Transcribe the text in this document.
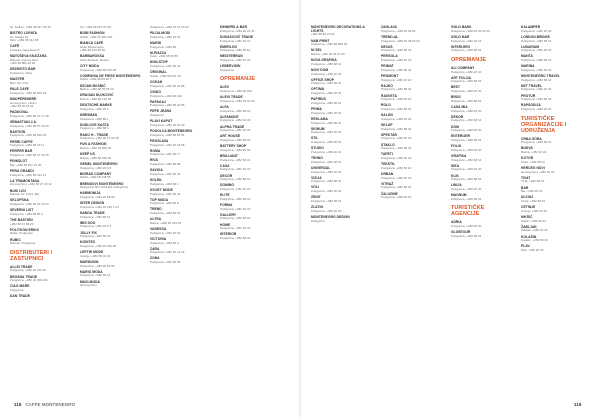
Hr. Jadran, +382 68 417 28 16
BISTRO LOPATA
Sv. Stasija 13
Mob: +382 68 014 88
CAFÉ
Lokacija: Njegoševa 8
MATOŠEVA KNJIŽARA
Bulevar, Herceg Novi
+382 68 880 44 48
DEZHSITO BAR
Podgorica, Ulica
MASTER
Barn Tel: Pod
PALE CAFE
Podgorica, +382 68 500 29
MADPERENERE
Herceg Novi, ulica 1
+382 68 55 18 44
PADDOVAL
Podgorica, +382 68 47 17 48
SEBASTIAN J.A.
Podgorica, +382 68 07 30 00
BASTION
Podgorica, +382 68 840 00
PERRI CAFFE
Podgorica, +382 68 441 1
PERPER BAR
Podgorica, +382 68 47 18 25
PINKSLOT
Bar, +382 68 007 01 00
PERA GRANDI
Podgorica, +382 68 422 21
LA TRAMONTANA
Herceg Novi, +382 68 47 18 12
BUSI LIGI
Bulevar Sv. Petra, Bar
SKLOPSKA
Podgorica, +382 68 44 18 33
SEVERNI LIST
Podgorica, +382 68 55 1
THE BASTIEN
+382 68 47 88 20
POLITKON ERIKS
Rašić, Podgorica
RUBIC
Bulevar, Podgorica
DISTRIBUTERI / ZASTUPNICI
ALLEI TRADE
Podgorica, +382 20 411 00
BEOSNA TRADE
Podgorica, +382 20 400 200
CIAO MARE
Podgorica
DAN TRADE
Tel: +382 68 057 22 28
BOBI FASHION
Nikšić, +382 20 481 201
BIANCA CAFE
Hotel Montenegro
+382 68 413 66 80
BARBAROSSA
Ulica Slobode, Budva
CITY MODA
Podgorica, +382 68 015 00
COMPANIA DE PIESE MONTENEGRO
Nikšić, +382 68 84 40 5
DEJAN BOSNIĆ
Budva, +382 68 55 55 20
DRAGAN DUJKOVIĆ
Budva, +382 68 140 65
DEUTSCHE MARKE
Podgorica, +382 20 4
DRESMAN
Podgorica, +382 68 1
DUDLOVE KASTA
Podgorica, +382 68 4
RADO H - TRADE
Podgorica, +382 68 07 00 28
FUN & FASHION
Budva, +382 20 800 00
KEEP US
Budva, +382 68 052 04
GEMEL MONTENEGRO
Podgorica, +382 20 6 8
BIGRAD COMPANY
Nikšić, +382 68 448 55
BRENDOVI MONTENEGRO
Podgorica, Bul. Džordža Vašingtona
HARMONIJA
Podgorica, +382 20 58 95
INTER DESIGN
Podgorica, +382 20 240 7 24
NANDA TRADE
Podgorica, +382 68 07
IBIS DOO
Podgorica, +382 20 6 5
JOLLY FIX
Podgorica, +382 68 00
KODITEX
Podgorica, +382 20 400 66
LEPTIR MODE
Cetinje, +382 68 04 44
MARDUKIN
Podgorica, +382 68 04 05
MARIO MODA
Podgorica, +382 68 44
MAXI-MODA
Herceg Novi
Podgorica, +382 20 67 00 00
PILDA-MODI
Podgorica, +382 20 44
MARDI
Podgorica, +382 68
M-PIAZZA
Kotor, +382 68 66 55
NON-STOP
Podgorica, +382 20 40
ORIGINAL
Nikšić, +382 68 057 40
OCEAN
Podgorica, +382 20 44 88
OXIDO
Podgorica, +382 20 444
PAPAGAJ
Podgorica, +382 68 40 55
PEPE JEANS
Podgorica
PLAVI KAPUT
Podgorica, +382 20 20 00
POSOLCA MONTENEGRO
Podgorica, +382 68 55 54
PROSLAVA
Podgorica, +382 20 44 58
ROMA
Podgorica, +382 20 77
RIVA
Podgorica, +382 68 88
SAVOIA
Podgorica, +382 20 46
SOLEIL
Podgorica, +382 68 1
SVIJET MODE
Podgorica, +382 20 44
TOP MODA
Podgorica, +382 20 8
TREND
Podgorica, +382 68 50
ULTRA
Budva, +382 20 444 55
VANESSA
Podgorica, +382 20 40
VICTORIA
Podgorica, +382 68 0
ZARA
Podgorica, +382 20 41 22
ZONA
Podgorica, +382 20 66
DINNERS & BAR
Podgorica, +382 20 24 44
DUSAKOVIĆ TRADE
Podgorica, +382 20 41
EMERLOG
Podgorica, +382 68 81
MEDITERRAN
Podgorica, +382 20 44
LEBERVISIN
Podgorica
OPREMANJE
ALEX
Podgorica, +382 20 444
ALEXI TRADE
Podgorica, +382 20 44 00
ALFA
Podgorica, +382 68 44
ALFAMONT
Podgorica, +382 20 48
ALPHA TRADE
Podgorica, +382 20 40
ART HOUSE
Podgorica, +382 68 44
BATTERY SHOP
Podgorica, +382 20 40
BRILLIANT
Podgorica, +382 68 44
CASA
Podgorica, +382 20 40
DECOR
Podgorica, +382 68 44
DOMINO
Podgorica, +382 20 40
ELITE
Podgorica, +382 68 44
FORMA
Podgorica, +382 20 40
GALLERY
Podgorica, +382 68 44
HOME
Podgorica, +382 20 40
INTERIOR
Podgorica, +382 68 44
MONTENEGRO DECORATIONS & LIGHTS
+382 68 84 22 00
N&B PRINT
Podgorica, +382 68 880 48
NI SEL
Budva, +382 20 46 07 00
NOVA GRAFIKA
Podgorica, +382 68 44
NOVI DOM
Podgorica, +382 20 40
OFFICE SHOP
Podgorica, +382 68 44
OPTIMA
Podgorica, +382 20 40
PAPIRUS
Podgorica, +382 68 44
PRIMA
Podgorica, +382 20 40
REKLAMA
Podgorica, +382 68 44
SIGNUM
Podgorica, +382 20 40
STIL
Podgorica, +382 68 44
STUDIO
Podgorica, +382 20 40
TEHNO
Podgorica, +382 68 44
UNIVERZAL
Podgorica, +382 20 40
VIZIJA
Podgorica, +382 68 44
VOLI
Podgorica, +382 20 40
ZENIT
Podgorica, +382 68 44
ZLATNI
Podgorica, +382 20 40
MONTENEGRO DESIGN
Podgorica
ZAGLAVA
Podgorica, +382 20 48 55
TREND-AL
Podgorica, +382 20 48 00 00
NEXUS
Podgorica, +382 68 44
PERGOLA
Podgorica, +382 20 40
PRIMAT
Podgorica, +382 68 44
PROMONT
Podgorica, +382 20 40
RAJKO
Podgorica, +382 68 44
RASVETA
Podgorica, +382 20 40
ROLO
Podgorica, +382 68 44
SALON
Podgorica, +382 20 40
SKLOP
Podgorica, +382 68 44
SPEKTAR
Podgorica, +382 20 40
STAKLO
Podgorica, +382 68 44
TAPETI
Podgorica, +382 20 40
TEKSTIL
Podgorica, +382 68 44
URBAN
Podgorica, +382 20 40
VITRAŽ
Podgorica, +382 68 44
ŽALUZINE
Podgorica, +382 20 40
GOLD BANK
Podgorica, +382 20 40 44 00
GOLD MAR
Podgorica, +382 20 44
INTERIJERI
Podgorica, +382 68 44
OPREMANJE
ALI COMPANY
Podgorica, +382 20 40
ART FOLIJA
Podgorica, +382 68 44
BEST
Podgorica, +382 20 40
BROS
Podgorica, +382 68 44
CASA MIA
Podgorica, +382 20 40
DEKOR
Podgorica, +382 68 44
DOM
Podgorica, +382 20 40
ENTERIJER
Podgorica, +382 68 44
FOLIO
Podgorica, +382 20 40
GRAFIKA
Podgorica, +382 68 44
IDEA
Podgorica, +382 20 40
KLIK
Podgorica, +382 68 44
LINIJA
Podgorica, +382 20 40
MAGNUM
Podgorica, +382 68 44
TURISTIČKE AGENCIJE
ADRIA
Podgorica, +382 20 40
GLOBTOUR
Podgorica, +382 68 44
KALAMPER
Podgorica, +382 20 40
LONDON BRIDGE
Podgorica, +382 68 44
LUNARIUM
Podgorica, +382 20 40
MANTA
Podgorica, +382 68 44
MARINA
Podgorica, +382 20 40
MONTENEGRO TRAVEL
Podgorica, +382 68 44
NET TRAVEL
Podgorica, +382 20 40
PROTUR
Podgorica, +382 68 44
RAPSODIJA
Podgorica, +382 20 40
TURISTIČKE ORGANIZACIJE I UDRUŽENJA
CRNA GORA
Podgorica, +382 68 44
BUDVA
Budva, +382 20 40
KOTOR
Kotor, +382 68 44
HERCEG NOVI
Herceg Novi, +382 20 40
TIVAT
Tivat, +382 68 44
BAR
Bar, +382 20 40
ULCINJ
Ulcinj, +382 68 44
CETINJE
Cetinje, +382 20 40
NIKŠIĆ
Nikšić, +382 68 44
ŽABLJAK
Žabljak, +382 20 40
KOLAŠIN
Kolašin, +382 68 44
PLAV
Plav, +382 20 40
118 CAFFE MONTENEGRO	119
